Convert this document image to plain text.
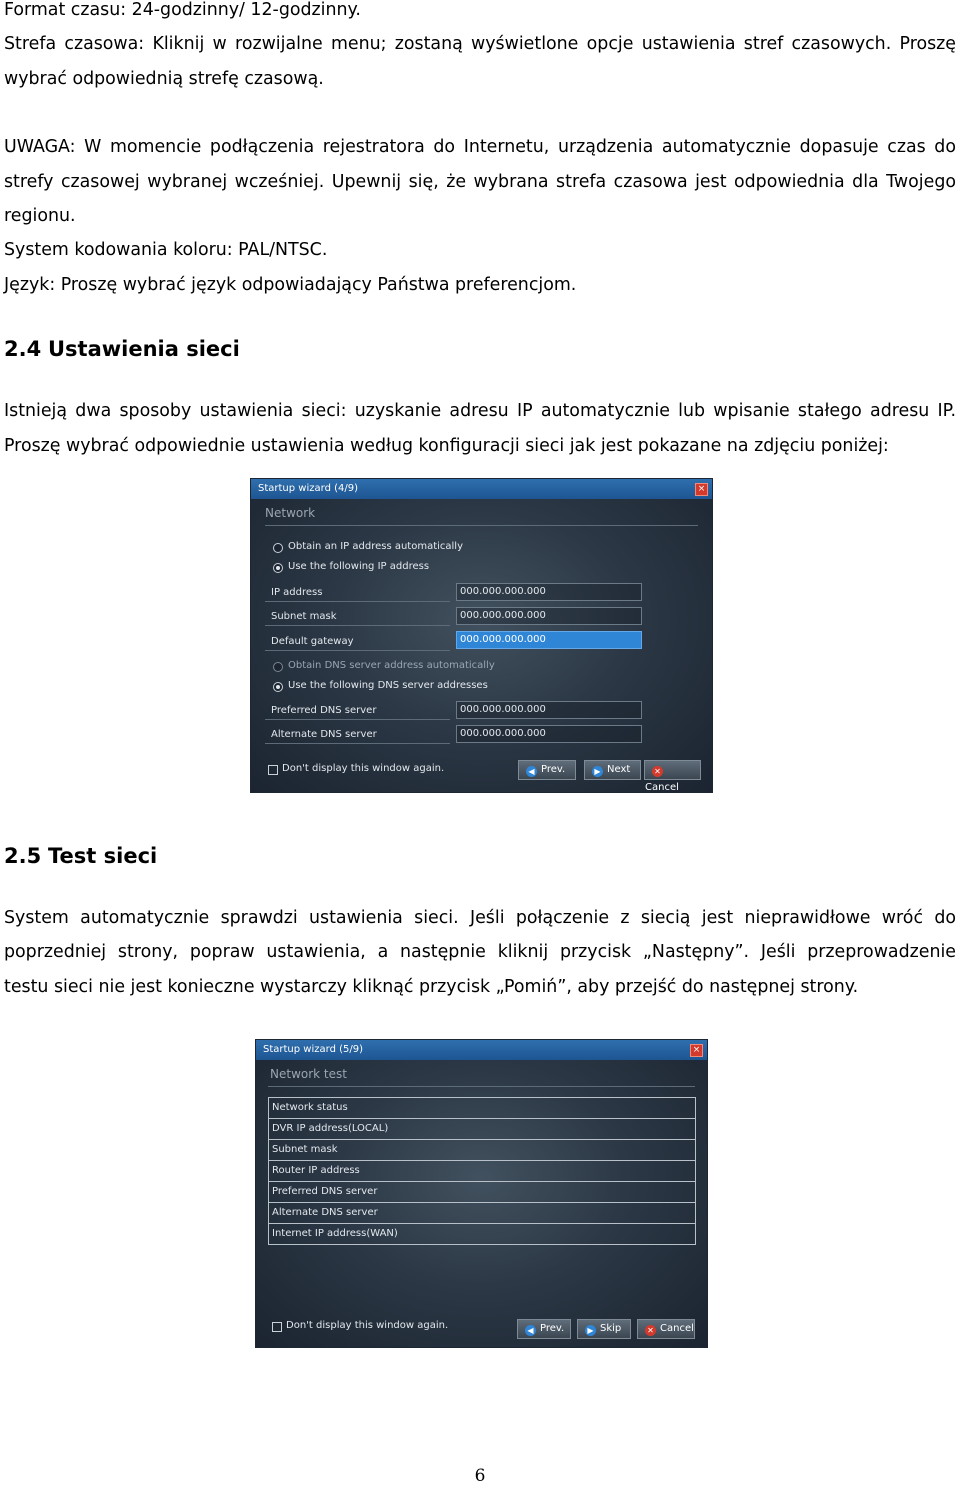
Format czasu: 24-godzinny/ 12-godzinny.

Strefa czasowa: Kliknij w rozwijalne menu; zostaną wyświetlone opcje ustawienia stref czasowych. Proszę

wybrać odpowiednią strefę czasową.

UWAGA: W momencie podłączenia rejestratora do Internetu, urządzenia automatycznie dopasuje czas do

strefy czasowej wybranej wcześniej. Upewnij się, że wybrana strefa czasowa jest odpowiednia dla Twojego

regionu.

System kodowania koloru: PAL/NTSC.

Język: Proszę wybrać język odpowiadający Państwa preferencjom.

2.4 Ustawienia sieci

Istnieją dwa sposoby ustawienia sieci: uzyskanie adresu IP automatycznie lub wpisanie stałego adresu IP.

Proszę wybrać odpowiednie ustawienia według konfiguracji sieci jak jest pokazane na zdjęciu poniżej:

Startup wizard (4/9)	×
Network
Obtain an IP address automatically
Use the following IP address
IP address	000.000.000.000
Subnet mask	000.000.000.000
Default gateway	000.000.000.000
Obtain DNS server address automatically
Use the following DNS server addresses
Preferred DNS server	000.000.000.000
Alternate DNS server	000.000.000.000
Don't display this window again.	◀ Prev.	▶ Next	✕Cancel
2.5 Test sieci

System automatycznie sprawdzi ustawienia sieci. Jeśli połączenie z siecią jest nieprawidłowe wróć do

poprzedniej strony, popraw ustawienia, a następnie kliknij przycisk „Następny”. Jeśli przeprowadzenie

testu sieci nie jest konieczne wystarczy kliknąć przycisk „Pomiń”, aby przejść do następnej strony.

Startup wizard (5/9)	×
Network test
Network status
DVR IP address(LOCAL)
Subnet mask
Router IP address
Preferred DNS server
Alternate DNS server
Internet IP address(WAN)
Don't display this window again.	◀ Prev.	▶ Skip	✕ Cancel
6
